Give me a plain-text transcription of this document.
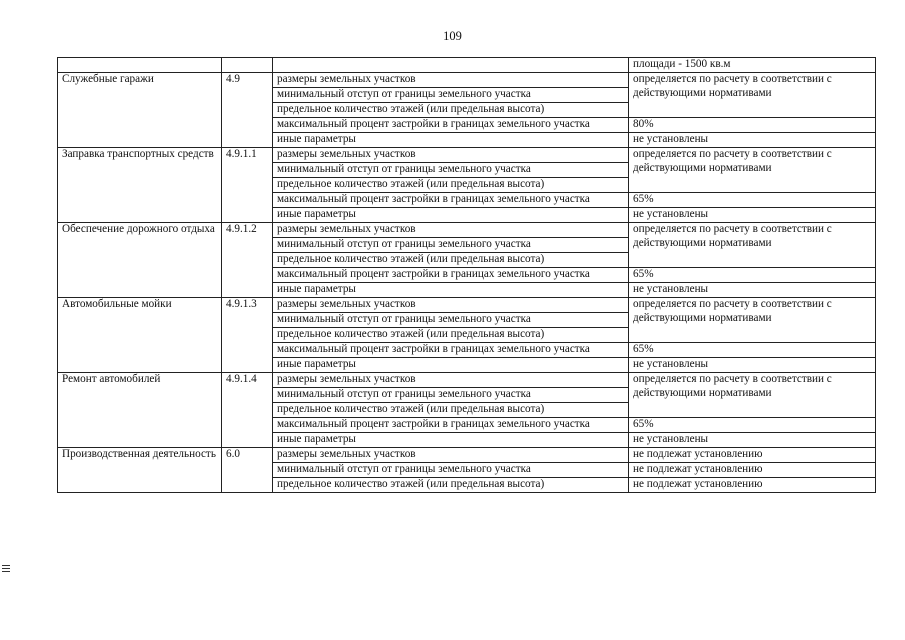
109
			площади - 1500 кв.м
Служебные гаражи	4.9	размеры земельных участков	определяется по расчету в соответствии с действующими нормативами
		минимальный отступ от границы земельного участка	
		предельное количество этажей (или предельная высота)	
		максимальный процент застройки в границах земельного участка	80%

		иные параметры	не установлены
Заправка транспортных средств	4.9.1.1	размеры земельных участков	определяется по расчету в соответствии с действующими нормативами
		минимальный отступ от границы земельного участка	
		предельное количество этажей (или предельная высота)	
		максимальный процент застройки в границах земельного участка	65%

		иные параметры	не установлены
Обеспечение дорожного отдыха	4.9.1.2	размеры земельных участков	определяется по расчету в соответствии с действующими нормативами
		минимальный отступ от границы земельного участка	
		предельное количество этажей (или предельная высота)	
		максимальный процент застройки в границах земельного участка	65%

		иные параметры	не установлены
Автомобильные мойки	4.9.1.3	размеры земельных участков	определяется по расчету в соответствии с действующими нормативами
		минимальный отступ от границы земельного участка	
		предельное количество этажей (или предельная высота)	
		максимальный процент застройки в границах земельного участка	65%

		иные параметры	не установлены
Ремонт автомобилей	4.9.1.4	размеры земельных участков	определяется по расчету в соответствии с действующими нормативами
		минимальный отступ от границы земельного участка	
		предельное количество этажей (или предельная высота)	
		максимальный процент застройки в границах земельного участка	65%

		иные параметры	не установлены
Производственная деятельность	6.0	размеры земельных участков	не подлежат установлению
		минимальный отступ от границы земельного участка	не подлежат установлению
		предельное количество этажей (или предельная высота)	не подлежат установлению
